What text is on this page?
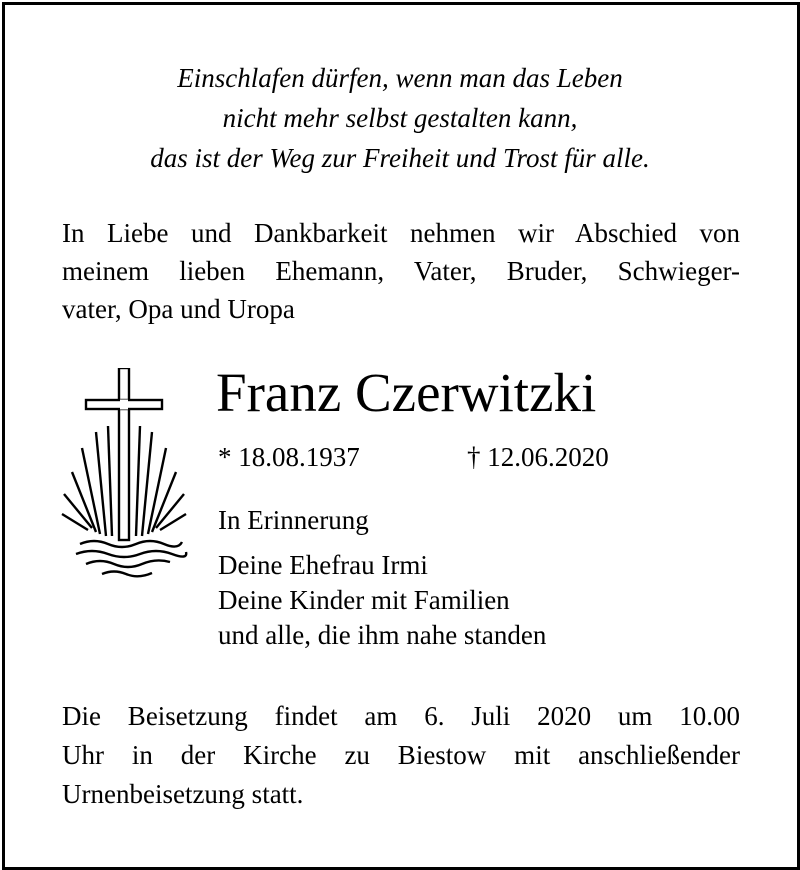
Einschlafen dürfen, wenn man das Leben
nicht mehr selbst gestalten kann,
das ist der Weg zur Freiheit und Trost für alle.
In Liebe und Dankbarkeit nehmen wir Abschied von
meinem lieben Ehemann, Vater, Bruder, Schwieger-
vater, Opa und Uropa
Franz Czerwitzki
* 18.08.1937	† 12.06.2020
In Erinnerung
Deine Ehefrau Irmi
Deine Kinder mit Familien
und alle, die ihm nahe standen
Die Beisetzung findet am 6. Juli 2020 um 10.00
Uhr in der Kirche zu Biestow mit anschließender
Urnenbeisetzung statt.
